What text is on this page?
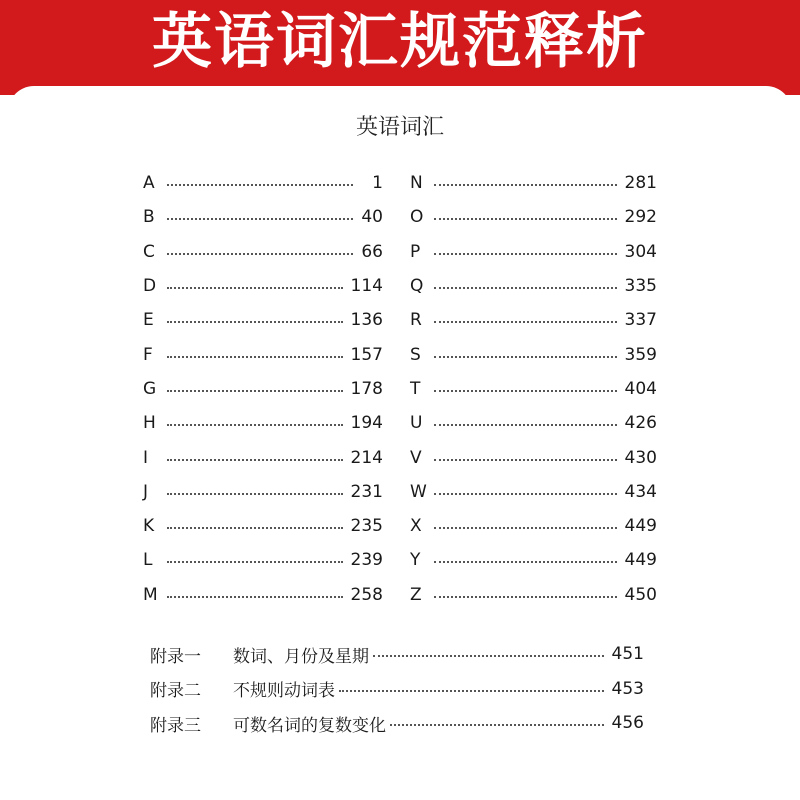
英语词汇规范释析
英语词汇
A	1
B	40
C	66
D	114
E	136
F	157
G	178
H	194
I	214
J	231
K	235
L	239
M	258
N	281
O	292
P	304
Q	335
R	337
S	359
T	404
U	426
V	430
W	434
X	449
Y	449
Z	450
附录一	数词、月份及星期	451
附录二	不规则动词表	453
附录三	可数名词的复数变化	456
